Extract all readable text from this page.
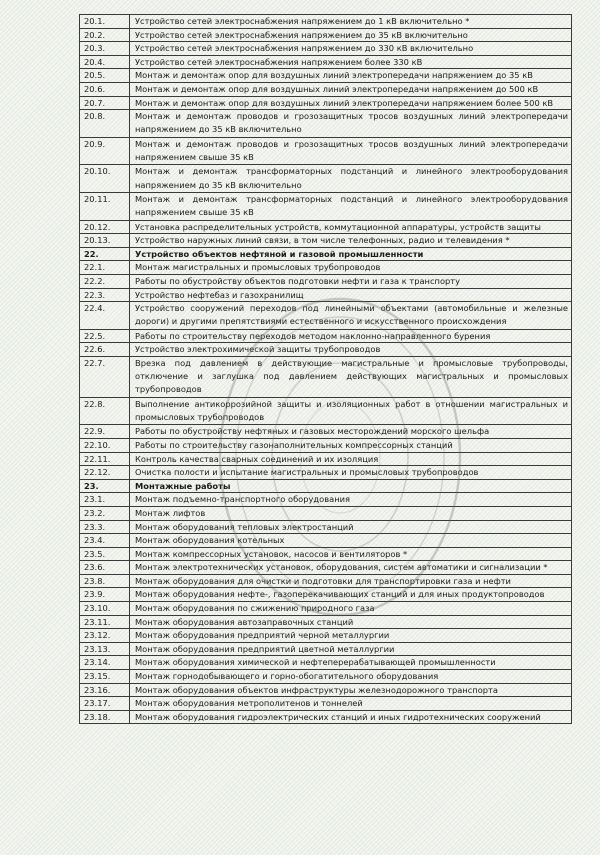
20.1.	Устройство сетей электроснабжения напряжением до 1 кВ включительно *
20.2.	Устройство сетей электроснабжения напряжением до 35 кВ включительно
20.3.	Устройство сетей электроснабжения напряжением до 330 кВ включительно
20.4.	Устройство сетей электроснабжения напряжением более 330 кВ
20.5.	Монтаж и демонтаж опор для воздушных линий электропередачи напряжением до 35 кВ
20.6.	Монтаж и демонтаж опор для воздушных линий электропередачи напряжением до 500 кВ
20.7.	Монтаж и демонтаж опор для воздушных линий электропередачи напряжением более 500 кВ
20.8.	Монтаж и демонтаж проводов и грозозащитных тросов воздушных линий электропередачи напряжением до 35 кВ включительно
20.9.	Монтаж и демонтаж проводов и грозозащитных тросов воздушных линий электропередачи напряжением свыше 35 кВ
20.10.	Монтаж и демонтаж трансформаторных подстанций и линейного электрооборудования напряжением до 35 кВ включительно
20.11.	Монтаж и демонтаж трансформаторных подстанций и линейного электрооборудования напряжением свыше 35 кВ
20.12.	Установка распределительных устройств, коммутационной аппаратуры, устройств защиты
20.13.	Устройство наружных линий связи, в том числе телефонных, радио и телевидения *
22.	Устройство объектов нефтяной и газовой промышленности
22.1.	Монтаж магистральных и промысловых трубопроводов
22.2.	Работы по обустройству объектов подготовки нефти и газа к транспорту
22.3.	Устройство нефтебаз и газохранилищ
22.4.	Устройство сооружений переходов под линейными объектами (автомобильные и железные дороги) и другими препятствиями естественного и искусственного происхождения
22.5.	Работы по строительству переходов методом наклонно-направленного бурения
22.6.	Устройство электрохимической защиты трубопроводов
22.7.	Врезка под давлением в действующие магистральные и промысловые трубопроводы, отключение и заглушка под давлением действующих магистральных и промысловых трубопроводов
22.8.	Выполнение антикоррозийной защиты и изоляционных работ в отношении магистральных и промысловых трубопроводов
22.9.	Работы по обустройству нефтяных и газовых месторождений морского шельфа
22.10.	Работы по строительству газонаполнительных компрессорных станций
22.11.	Контроль качества сварных соединений и их изоляция
22.12.	Очистка полости и испытание магистральных и промысловых трубопроводов
23.	Монтажные работы
23.1.	Монтаж подъемно-транспортного оборудования
23.2.	Монтаж лифтов
23.3.	Монтаж оборудования тепловых электростанций
23.4.	Монтаж оборудования котельных
23.5.	Монтаж компрессорных установок, насосов и вентиляторов *
23.6.	Монтаж электротехнических установок, оборудования, систем автоматики и сигнализации *
23.8.	Монтаж оборудования для очистки и подготовки для транспортировки газа и нефти
23.9.	Монтаж оборудования нефте-, газоперекачивающих станций и для иных продуктопроводов
23.10.	Монтаж оборудования по сжижению природного газа
23.11.	Монтаж оборудования автозаправочных станций
23.12.	Монтаж оборудования предприятий черной металлургии
23.13.	Монтаж оборудования предприятий цветной металлургии
23.14.	Монтаж оборудования химической и нефтеперерабатывающей промышленности
23.15.	Монтаж горнодобывающего и горно-обогатительного оборудования
23.16.	Монтаж оборудования объектов инфраструктуры железнодорожного транспорта
23.17.	Монтаж оборудования метрополитенов и тоннелей
23.18.	Монтаж оборудования гидроэлектрических станций и иных гидротехнических сооружений
